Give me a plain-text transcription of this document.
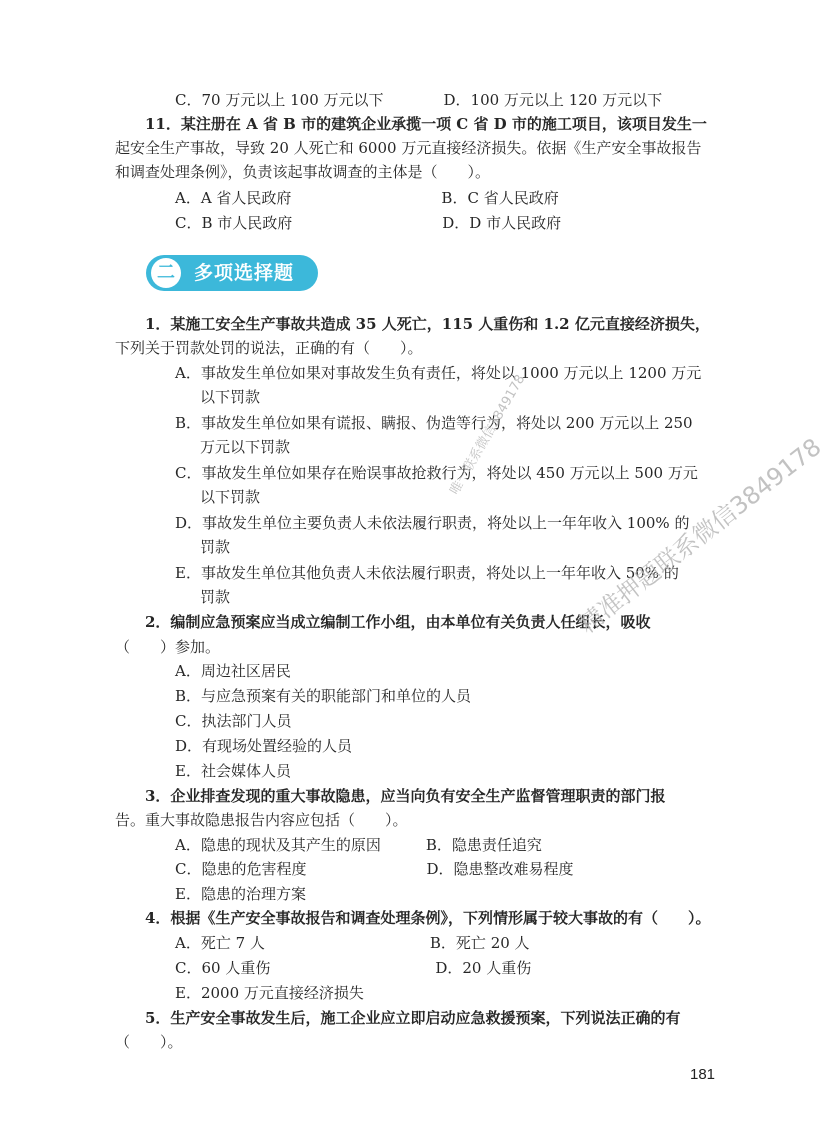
C．70 万元以上 100 万元以下　　　　D．100 万元以上 120 万元以下
11．某注册在 A 省 B 市的建筑企业承揽一项 C 省 D 市的施工项目，该项目发生一
起安全生产事故，导致 20 人死亡和 6000 万元直接经济损失。依据《生产安全事故报告
和调查处理条例》，负责该起事故调查的主体是（　　）。
A．A 省人民政府　　　　　　　　　　B．C 省人民政府
C．B 市人民政府　　　　　　　　　　D．D 市人民政府
1．某施工安全生产事故共造成 35 人死亡，115 人重伤和 1.2 亿元直接经济损失，
下列关于罚款处罚的说法，正确的有（　　）。
A．事故发生单位如果对事故发生负有责任，将处以 1000 万元以上 1200 万元
以下罚款
B．事故发生单位如果有谎报、瞒报、伪造等行为，将处以 200 万元以上 250
万元以下罚款
C．事故发生单位如果存在贻误事故抢救行为，将处以 450 万元以上 500 万元
以下罚款
D．事故发生单位主要负责人未依法履行职责，将处以上一年年收入 100% 的
罚款
E．事故发生单位其他负责人未依法履行职责，将处以上一年年收入 50% 的
罚款
2．编制应急预案应当成立编制工作小组，由本单位有关负责人任组长，吸收
（　　）参加。
A．周边社区居民
B．与应急预案有关的职能部门和单位的人员
C．执法部门人员
D．有现场处置经验的人员
E．社会媒体人员
3．企业排查发现的重大事故隐患，应当向负有安全生产监督管理职责的部门报
告。重大事故隐患报告内容应包括（　　）。
A．隐患的现状及其产生的原因　　　B．隐患责任追究
C．隐患的危害程度　　　　　　　　D．隐患整改难易程度
E．隐患的治理方案
4．根据《生产安全事故报告和调查处理条例》，下列情形属于较大事故的有（　　）。
A．死亡 7 人　　　　　　　　　　　B．死亡 20 人
C．60 人重伤　　　　　　　　　　　D．20 人重伤
E．2000 万元直接经济损失
5．生产安全事故发生后，施工企业应立即启动应急救援预案，下列说法正确的有
（　　）。
二	多项选择题
唯一联系微信3849178 精准押题联系微信3849178
181
